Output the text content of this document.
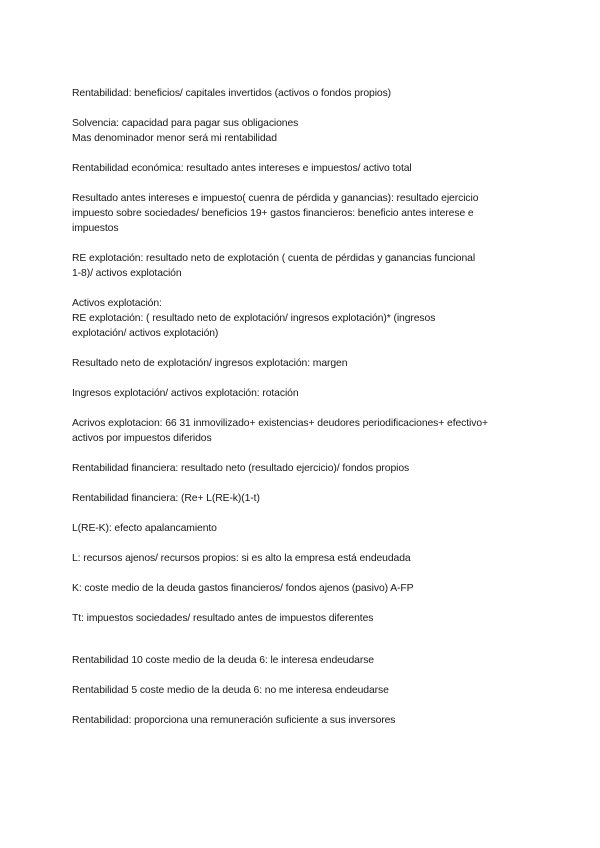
Rentabilidad: beneficios/ capitales invertidos (activos o fondos propios)

Solvencia: capacidad para pagar sus obligaciones
Mas denominador menor será mi rentabilidad

Rentabilidad económica: resultado antes intereses e impuestos/ activo total

Resultado antes intereses e impuesto( cuenra de pérdida y ganancias): resultado ejercicio
impuesto sobre sociedades/ beneficios 19+ gastos financieros: beneficio antes interese e
impuestos

RE explotación: resultado neto de explotación ( cuenta de pérdidas y ganancias funcional
1-8)/ activos explotación

Activos explotación:
RE explotación: ( resultado neto de explotación/ ingresos explotación)* (ingresos
explotación/ activos explotación)

Resultado neto de explotación/ ingresos explotación: margen

Ingresos explotación/ activos explotación: rotación

Acrivos explotacion: 66 31 inmovilizado+ existencias+ deudores periodificaciones+ efectivo+
activos por impuestos diferidos

Rentabilidad financiera: resultado neto (resultado ejercicio)/ fondos propios

Rentabilidad financiera: (Re+ L(RE-k)(1-t)

L(RE-K): efecto apalancamiento

L: recursos ajenos/ recursos propios: si es alto la empresa está endeudada

K: coste medio de la deuda gastos financieros/ fondos ajenos (pasivo) A-FP

Tt: impuestos sociedades/ resultado antes de impuestos diferentes

Rentabilidad 10 coste medio de la deuda 6: le interesa endeudarse

Rentabilidad 5 coste medio de la deuda 6: no me interesa endeudarse

Rentabilidad: proporciona una remuneración suficiente a sus inversores
